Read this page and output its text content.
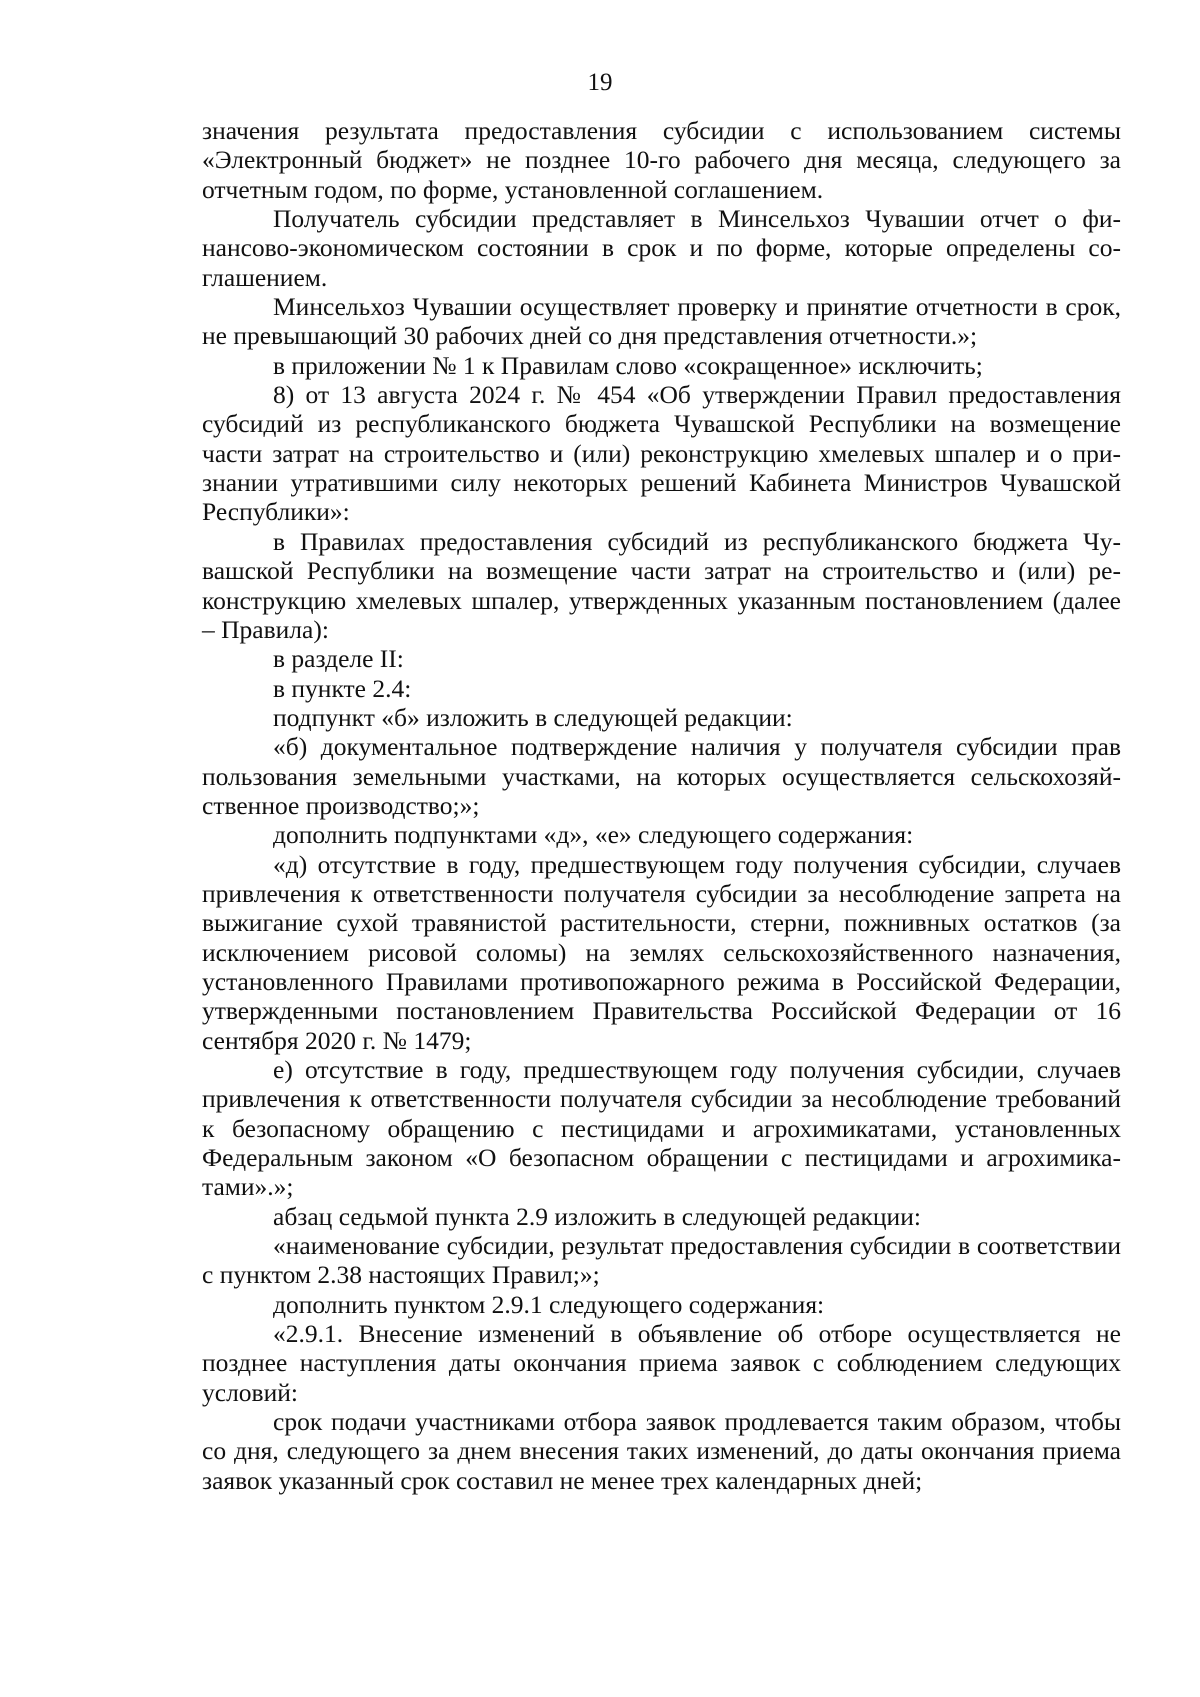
19

значения результата предоставления субсидии с использованием системы «Электронный бюджет» не позднее 10-го рабочего дня месяца, следующего за отчетным годом, по форме, установленной соглашением.

Получатель субсидии представляет в Минсельхоз Чувашии отчет о финансово-экономическом состоянии в срок и по форме, которые определены соглашением.

Минсельхоз Чувашии осуществляет проверку и принятие отчетности в срок, не превышающий 30 рабочих дней со дня представления отчетности.»;

в приложении № 1 к Правилам слово «сокращенное» исключить;

8) от 13 августа 2024 г. № 454 «Об утверждении Правил предоставления субсидий из республиканского бюджета Чувашской Республики на возмещение части затрат на строительство и (или) реконструкцию хмелевых шпалер и о признании утратившими силу некоторых решений Кабинета Министров Чувашской Республики»:

в Правилах предоставления субсидий из республиканского бюджета Чувашской Республики на возмещение части затрат на строительство и (или) реконструкцию хмелевых шпалер, утвержденных указанным постановлением (далее – Правила):

в разделе II:

в пункте 2.4:

подпункт «б» изложить в следующей редакции:

«б) документальное подтверждение наличия у получателя субсидии прав пользования земельными участками, на которых осуществляется сельскохозяйственное производство;»;

дополнить подпунктами «д», «е» следующего содержания:

«д) отсутствие в году, предшествующем году получения субсидии, случаев привлечения к ответственности получателя субсидии за несоблюдение запрета на выжигание сухой травянистой растительности, стерни, пожнивных остатков (за исключением рисовой соломы) на землях сельскохозяйственного назначения, установленного Правилами противопожарного режима в Российской Федерации, утвержденными постановлением Правительства Российской Федерации от 16 сентября 2020 г. № 1479;

е) отсутствие в году, предшествующем году получения субсидии, случаев привлечения к ответственности получателя субсидии за несоблюдение требований к безопасному обращению с пестицидами и агрохимикатами, установленных Федеральным законом «О безопасном обращении с пестицидами и агрохимикатами».»;

абзац седьмой пункта 2.9 изложить в следующей редакции:

«наименование субсидии, результат предоставления субсидии в соответствии с пунктом 2.38 настоящих Правил;»;

дополнить пунктом 2.9.1 следующего содержания:

«2.9.1. Внесение изменений в объявление об отборе осуществляется не позднее наступления даты окончания приема заявок с соблюдением следующих условий:

срок подачи участниками отбора заявок продлевается таким образом, чтобы со дня, следующего за днем внесения таких изменений, до даты окончания приема заявок указанный срок составил не менее трех календарных дней;
